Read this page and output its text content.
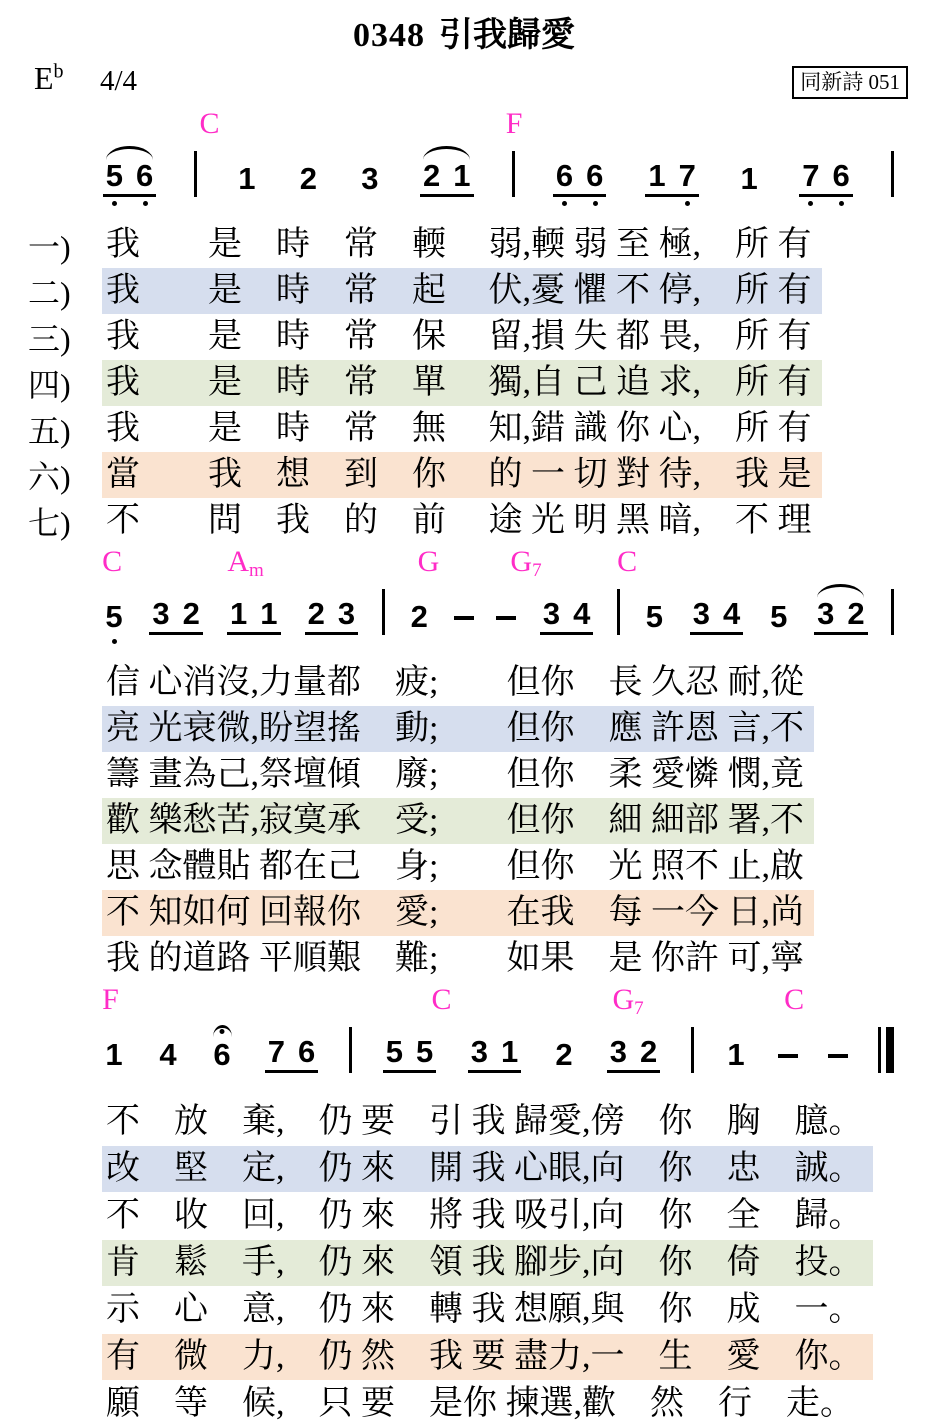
0348 引我歸愛
$E^b$ 4/4	同新詩 051
C	F
5 6	1 2 3 2 1	6 6 1 7 1 7 6
一)	我　　是　時　常　輭　 弱,輭 弱 至 極,　所 有
二)	我　　是　時　常　起　 伏,憂 懼 不 停,　所 有
三)	我　　是　時　常　保　 留,損 失 都 畏,　所 有
四)	我　　是　時　常　單　 獨,自 己 追 求,　所 有
五)	我　　是　時　常　無　 知,錯 識 你 心,　所 有
六)	當　　我　想　到　你　 的 一 切 對 待,　我 是
七)	不　　問　我　的　前　 途 光 明 黑 暗,　不 理
C	$A_m$	G $G_7$	C
5 3 2 1 1 2 3 2	3 4 5 3 4 5 3 2
信 心消沒,力量都　疲;　　但你　長 久忍 耐,從
亮 光衰微,盼望搖　動;　　但你　應 許恩 言,不
籌 畫為己,祭壇傾　廢;　　但你　柔 愛憐 憫,竟
歡 樂愁苦,寂寞承　受;　　但你　細 細部 署,不
思 念體貼 都在己　身;　　但你　光 照不 止,啟
不 知如何 回報你　愛;　　在我　每 一今 日,尚
我 的道路 平順艱　難;　　如果　是 你許 可,寧
F	C	$G_7$	C
1 4 6 7 6 5 5 3 1 2 3 2 1
不　放　棄,　仍 要　引 我 歸愛,傍　你　胸　臆。
改　堅　定,　仍 來　開 我 心眼,向　你　忠　誠。
不　收　回,　仍 來　將 我 吸引,向　你　全　歸。
肯　鬆　手,　仍 來　領 我 腳步,向　你　倚　投。
示　心　意,　仍 來　轉 我 想願,與　你　成　一。
有　微　力,　仍 然　我 要 盡力,一　生　愛　你。
願　等　候,　只 要　是你 揀選,歡　然　行　走。
